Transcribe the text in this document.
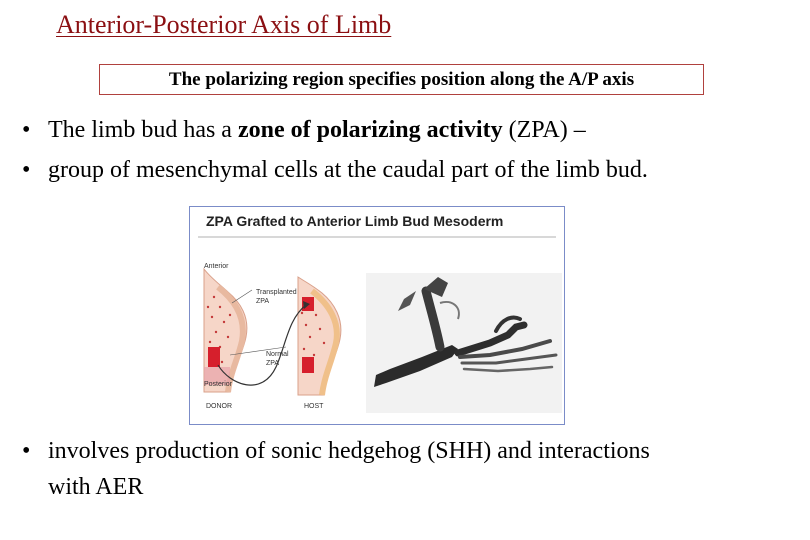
Anterior-Posterior Axis of Limb
The polarizing region specifies position along the A/P axis
• The limb bud has a zone of polarizing activity (ZPA) –
• group of mesenchymal cells at the caudal part of the limb bud.
ZPA Grafted to Anterior Limb Bud Mesoderm
Anterior
Transplanted
ZPA
Normal
ZPA
Posterior
DONOR	HOST
• involves production of sonic hedgehog (SHH) and interactions
with AER
